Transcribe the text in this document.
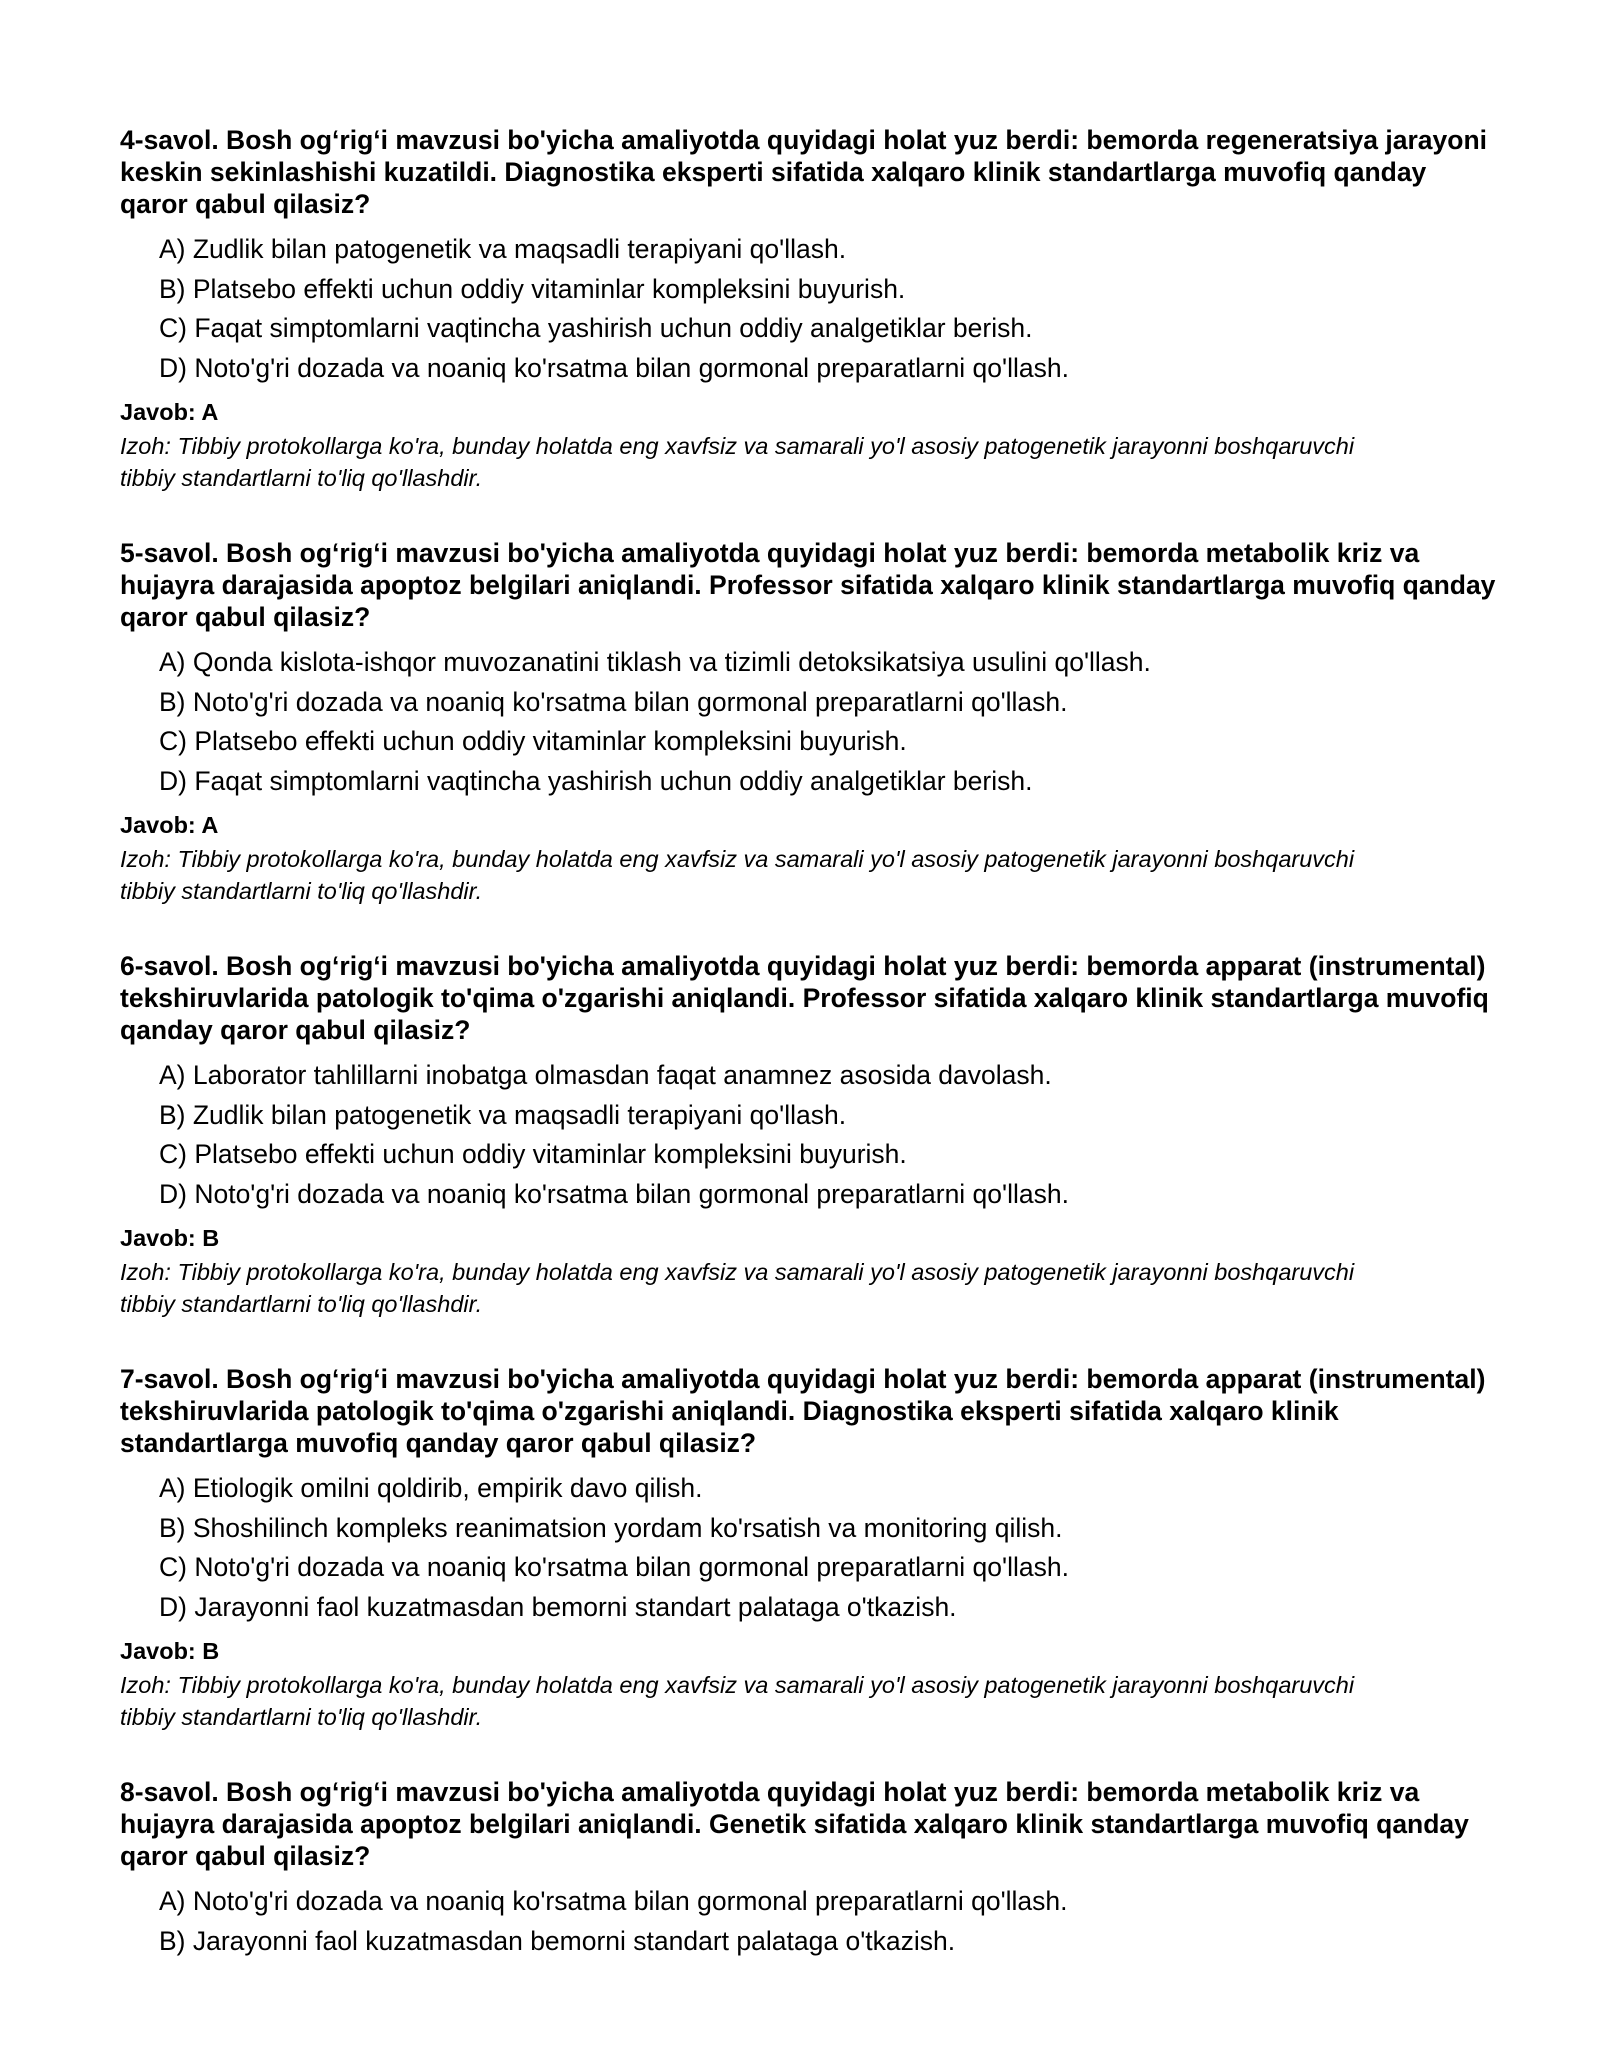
4-savol. Bosh og‘rig‘i mavzusi bo'yicha amaliyotda quyidagi holat yuz berdi: bemorda regeneratsiya jarayoni keskin sekinlashishi kuzatildi. Diagnostika eksperti sifatida xalqaro klinik standartlarga muvofiq qanday qaror qabul qilasiz?
A) Zudlik bilan patogenetik va maqsadli terapiyani qo'llash.
B) Platsebo effekti uchun oddiy vitaminlar kompleksini buyurish.
C) Faqat simptomlarni vaqtincha yashirish uchun oddiy analgetiklar berish.
D) Noto'g'ri dozada va noaniq ko'rsatma bilan gormonal preparatlarni qo'llash.
Javob: A
Izoh: Tibbiy protokollarga ko'ra, bunday holatda eng xavfsiz va samarali yo'l asosiy patogenetik jarayonni boshqaruvchi tibbiy standartlarni to'liq qo'llashdir.
5-savol. Bosh og‘rig‘i mavzusi bo'yicha amaliyotda quyidagi holat yuz berdi: bemorda metabolik kriz va hujayra darajasida apoptoz belgilari aniqlandi. Professor sifatida xalqaro klinik standartlarga muvofiq qanday qaror qabul qilasiz?
A) Qonda kislota-ishqor muvozanatini tiklash va tizimli detoksikatsiya usulini qo'llash.
B) Noto'g'ri dozada va noaniq ko'rsatma bilan gormonal preparatlarni qo'llash.
C) Platsebo effekti uchun oddiy vitaminlar kompleksini buyurish.
D) Faqat simptomlarni vaqtincha yashirish uchun oddiy analgetiklar berish.
Javob: A
Izoh: Tibbiy protokollarga ko'ra, bunday holatda eng xavfsiz va samarali yo'l asosiy patogenetik jarayonni boshqaruvchi tibbiy standartlarni to'liq qo'llashdir.
6-savol. Bosh og‘rig‘i mavzusi bo'yicha amaliyotda quyidagi holat yuz berdi: bemorda apparat (instrumental) tekshiruvlarida patologik to'qima o'zgarishi aniqlandi. Professor sifatida xalqaro klinik standartlarga muvofiq qanday qaror qabul qilasiz?
A) Laborator tahlillarni inobatga olmasdan faqat anamnez asosida davolash.
B) Zudlik bilan patogenetik va maqsadli terapiyani qo'llash.
C) Platsebo effekti uchun oddiy vitaminlar kompleksini buyurish.
D) Noto'g'ri dozada va noaniq ko'rsatma bilan gormonal preparatlarni qo'llash.
Javob: B
Izoh: Tibbiy protokollarga ko'ra, bunday holatda eng xavfsiz va samarali yo'l asosiy patogenetik jarayonni boshqaruvchi tibbiy standartlarni to'liq qo'llashdir.
7-savol. Bosh og‘rig‘i mavzusi bo'yicha amaliyotda quyidagi holat yuz berdi: bemorda apparat (instrumental) tekshiruvlarida patologik to'qima o'zgarishi aniqlandi. Diagnostika eksperti sifatida xalqaro klinik standartlarga muvofiq qanday qaror qabul qilasiz?
A) Etiologik omilni qoldirib, empirik davo qilish.
B) Shoshilinch kompleks reanimatsion yordam ko'rsatish va monitoring qilish.
C) Noto'g'ri dozada va noaniq ko'rsatma bilan gormonal preparatlarni qo'llash.
D) Jarayonni faol kuzatmasdan bemorni standart palataga o'tkazish.
Javob: B
Izoh: Tibbiy protokollarga ko'ra, bunday holatda eng xavfsiz va samarali yo'l asosiy patogenetik jarayonni boshqaruvchi tibbiy standartlarni to'liq qo'llashdir.
8-savol. Bosh og‘rig‘i mavzusi bo'yicha amaliyotda quyidagi holat yuz berdi: bemorda metabolik kriz va hujayra darajasida apoptoz belgilari aniqlandi. Genetik sifatida xalqaro klinik standartlarga muvofiq qanday qaror qabul qilasiz?
A) Noto'g'ri dozada va noaniq ko'rsatma bilan gormonal preparatlarni qo'llash.
B) Jarayonni faol kuzatmasdan bemorni standart palataga o'tkazish.
